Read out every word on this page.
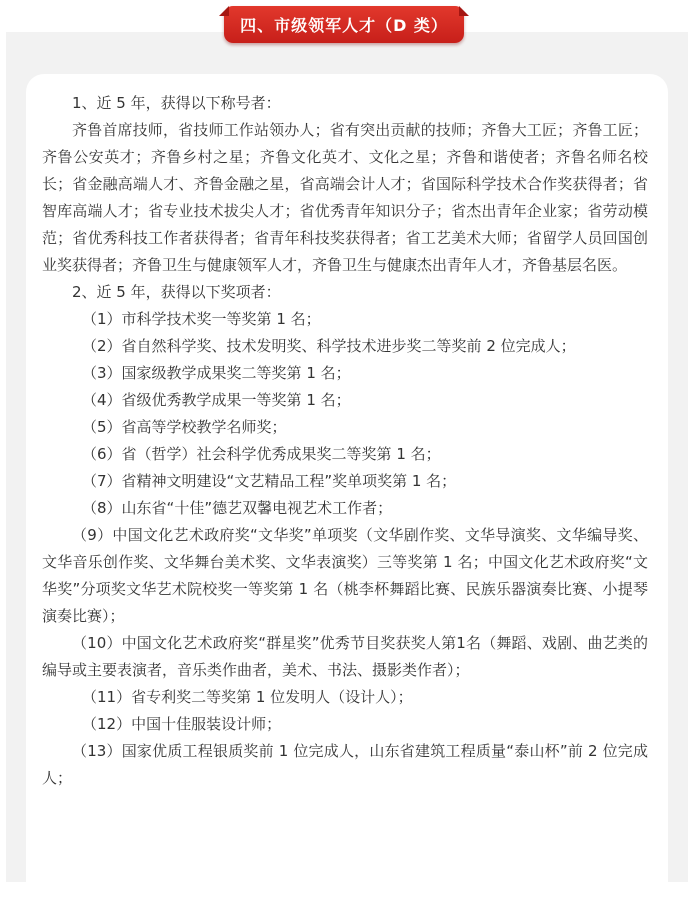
四、市级领军人才（D 类）
1、近 5 年，获得以下称号者：

齐鲁首席技师，省技师工作站领办人；省有突出贡献的技师；齐鲁大工匠；齐鲁工匠；齐鲁公安英才；齐鲁乡村之星；齐鲁文化英才、文化之星；齐鲁和谐使者；齐鲁名师名校长；省金融高端人才、齐鲁金融之星，省高端会计人才；省国际科学技术合作奖获得者；省智库高端人才；省专业技术拔尖人才；省优秀青年知识分子；省杰出青年企业家；省劳动模范；省优秀科技工作者获得者；省青年科技奖获得者；省工艺美术大师；省留学人员回国创业奖获得者；齐鲁卫生与健康领军人才，齐鲁卫生与健康杰出青年人才，齐鲁基层名医。

2、近 5 年，获得以下奖项者：
（1）市科学技术奖一等奖第 1 名；
（2）省自然科学奖、技术发明奖、科学技术进步奖二等奖前 2 位完成人；
（3）国家级教学成果奖二等奖第 1 名；
（4）省级优秀教学成果一等奖第 1 名；
（5）省高等学校教学名师奖；
（6）省（哲学）社会科学优秀成果奖二等奖第 1 名；
（7）省精神文明建设“文艺精品工程”奖单项奖第 1 名；
（8）山东省“十佳”德艺双馨电视艺术工作者；

（9）中国文化艺术政府奖“文华奖”单项奖（文华剧作奖、文华导演奖、文华编导奖、文华音乐创作奖、文华舞台美术奖、文华表演奖）三等奖第 1 名；中国文化艺术政府奖“文华奖”分项奖文华艺术院校奖一等奖第 1 名（桃李杯舞蹈比赛、民族乐器演奏比赛、小提琴演奏比赛）；

（10）中国文化艺术政府奖“群星奖”优秀节目奖获奖人第1名（舞蹈、戏剧、曲艺类的编导或主要表演者，音乐类作曲者，美术、书法、摄影类作者）；

（11）省专利奖二等奖第 1 位发明人（设计人）；
（12）中国十佳服装设计师；

（13）国家优质工程银质奖前 1 位完成人，山东省建筑工程质量“泰山杯”前 2 位完成人；
